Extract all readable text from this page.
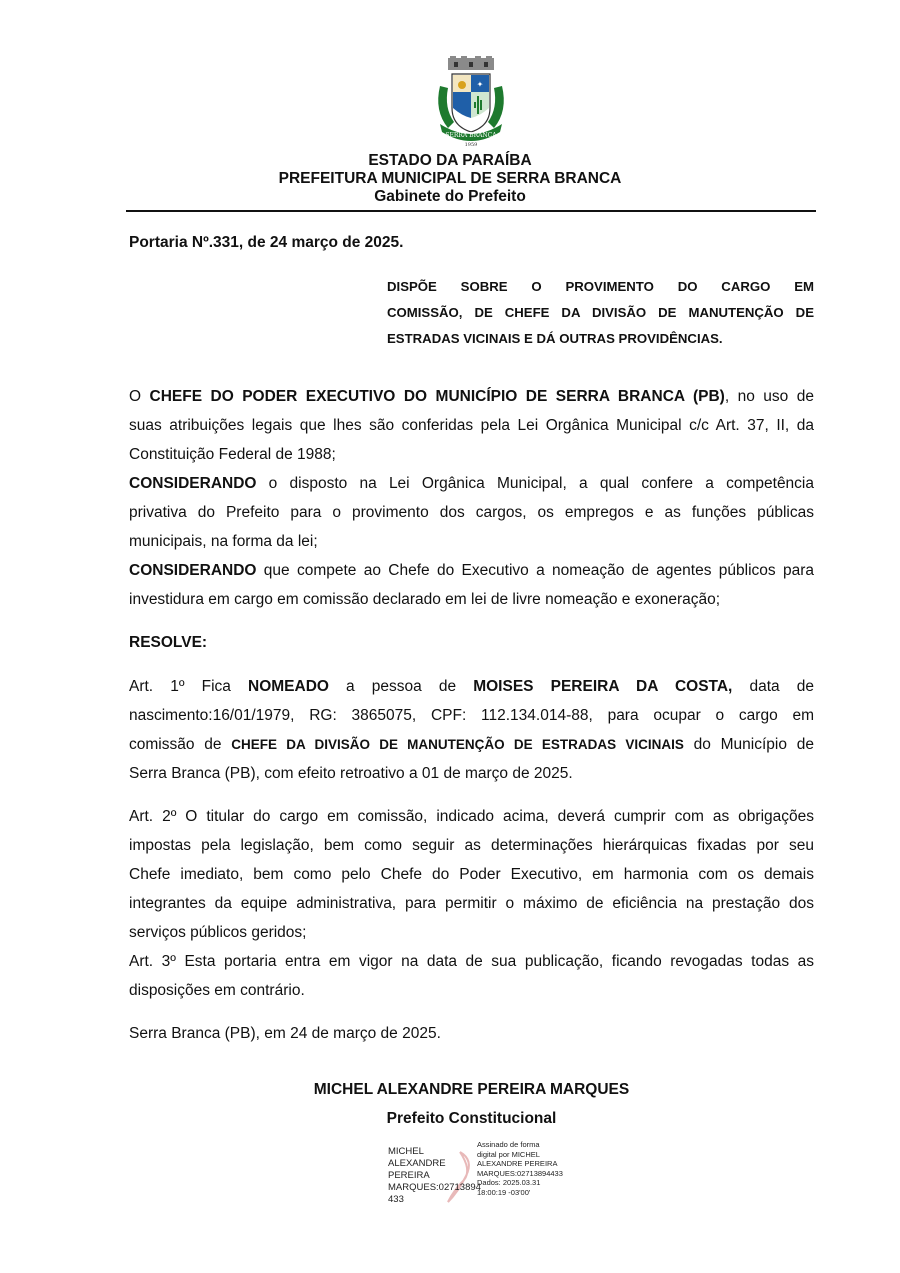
✦
SERRA BRANCA
1959
ESTADO DA PARAÍBA
PREFEITURA MUNICIPAL DE SERRA BRANCA
Gabinete do Prefeito
Portaria Nº.331, de 24 março de 2025.
DISPÕE SOBRE O PROVIMENTO DO CARGO EM
COMISSÃO, DE CHEFE DA DIVISÃO DE MANUTENÇÃO DE
ESTRADAS VICINAIS E DÁ OUTRAS PROVIDÊNCIAS.
O CHEFE DO PODER EXECUTIVO DO MUNICÍPIO DE SERRA BRANCA (PB), no uso de
suas atribuições legais que lhes são conferidas pela Lei Orgânica Municipal c/c Art. 37, II, da
Constituição Federal de 1988;
CONSIDERANDO o disposto na Lei Orgânica Municipal, a qual confere a competência
privativa do Prefeito para o provimento dos cargos, os empregos e as funções públicas
municipais, na forma da lei;
CONSIDERANDO que compete ao Chefe do Executivo a nomeação de agentes públicos para
investidura em cargo em comissão declarado em lei de livre nomeação e exoneração;
RESOLVE:
Art. 1º Fica NOMEADO a pessoa de MOISES PEREIRA DA COSTA, data de
nascimento:16/01/1979, RG: 3865075, CPF: 112.134.014-88, para ocupar o cargo em
comissão de CHEFE DA DIVISÃO DE MANUTENÇÃO DE ESTRADAS VICINAIS do Município de
Serra Branca (PB), com efeito retroativo a 01 de março de 2025.
Art. 2º O titular do cargo em comissão, indicado acima, deverá cumprir com as obrigações
impostas pela legislação, bem como seguir as determinações hierárquicas fixadas por seu
Chefe imediato, bem como pelo Chefe do Poder Executivo, em harmonia com os demais
integrantes da equipe administrativa, para permitir o máximo de eficiência na prestação dos
serviços públicos geridos;
Art. 3º Esta portaria entra em vigor na data de sua publicação, ficando revogadas todas as
disposições em contrário.
Serra Branca (PB), em 24 de março de 2025.
MICHEL ALEXANDRE PEREIRA MARQUES
Prefeito Constitucional
MICHEL ALEXANDRE
PEREIRA
MARQUES:02713894
433
Assinado de forma
digital por MICHEL
ALEXANDRE PEREIRA
MARQUES:02713894433
Dados: 2025.03.31
18:00:19 -03'00'
